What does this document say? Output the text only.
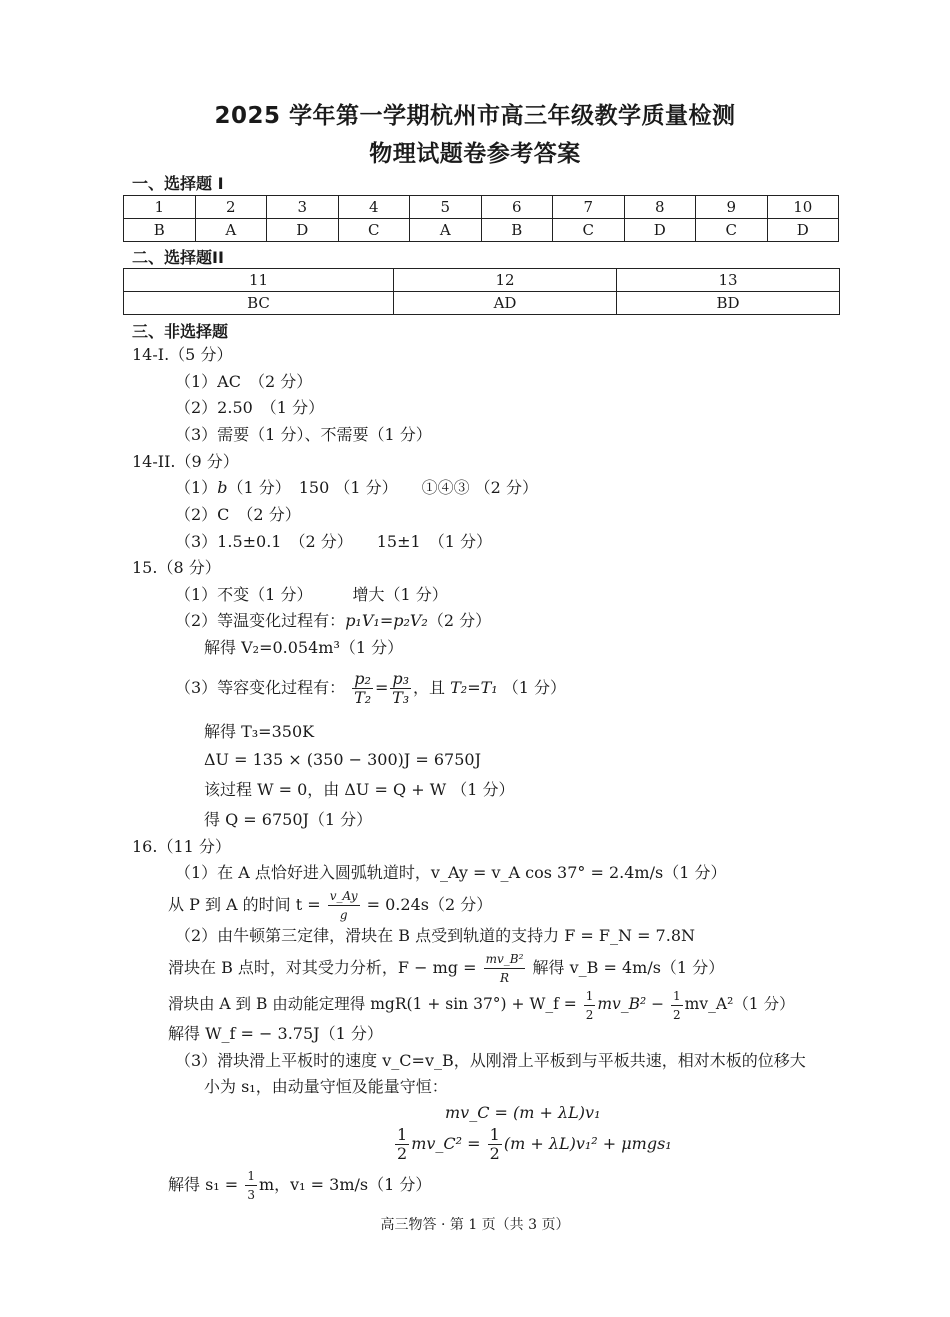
2025 学年第一学期杭州市高三年级教学质量检测
物理试题卷参考答案
一、选择题 I
1	2	3	4	5	6	7	8	9	10
B	A	D	C	A	B	C	D	C	D
二、选择题II
11	12	13
BC	AD	BD
三、非选择题
14-I.（5 分）
（1）AC　（2 分）
（2）2.50　（1 分）
（3）需要（1 分）、不需要（1 分）
14-II.（9 分）
（1）b（1 分）　150 （1 分）　　①④③ （2 分）
（2）C　（2 分）
（3）1.5±0.1　（2 分）　　15±1　（1 分）
15.（8 分）
（1）不变（1 分）　　　增大（1 分）
（2）等温变化过程有：p₁V₁=p₂V₂（2 分）
解得 V₂=0.054m³（1 分）
（3）等容变化过程有： $\frac{\text{p₂}}{\text{T₂}} = \frac{\text{p₃}}{\text{T₃}}$ ，且 T₂=T₁ （1 分）
解得 T₃=350K
ΔU = 135 × (350 − 300)J = 6750J
该过程 W = 0，由 ΔU = Q + W （1 分）
得 Q = 6750J（1 分）
16.（11 分）
（1）在 A 点恰好进入圆弧轨道时，v_Ay = v_A cos 37° = 2.4m/s（1 分）
从 P 到 A 的时间 $t = \frac{v\_Ay}{g} = 0.24s(2$ 分）
（2）由牛顿第三定律，滑块在 B 点受到轨道的支持力 F = F_N = 7.8N
滑块在 B 点时，对其受力分析，F − mg = $\frac{\text{mv\_B²}}{R}$ 解得 v_B = 4m/s（1 分）
滑块由 A 到 B 由动能定理得 mgR(1 + sin 37°) + W_f = $\frac{1}{2}$ mv_B² − $\frac{1}{2}$ mv_A²（1 分）
解得 W_f = − 3.75J（1 分）
（3）滑块滑上平板时的速度 v_C=v_B，从刚滑上平板到与平板共速，相对木板的位移大
小为 s₁，由动量守恒及能量守恒：
mv_C = (m + λL)v₁
$\frac{1}{2}$ mv_C² = $\frac{1}{2} (m + \lambda L)v_1^2 + \mu mgs_1$
解得 $s_1 = \frac{1}{3}$ m，v₁ = 3m/s（1 分）
高三物答 · 第 1 页（共 3 页）
